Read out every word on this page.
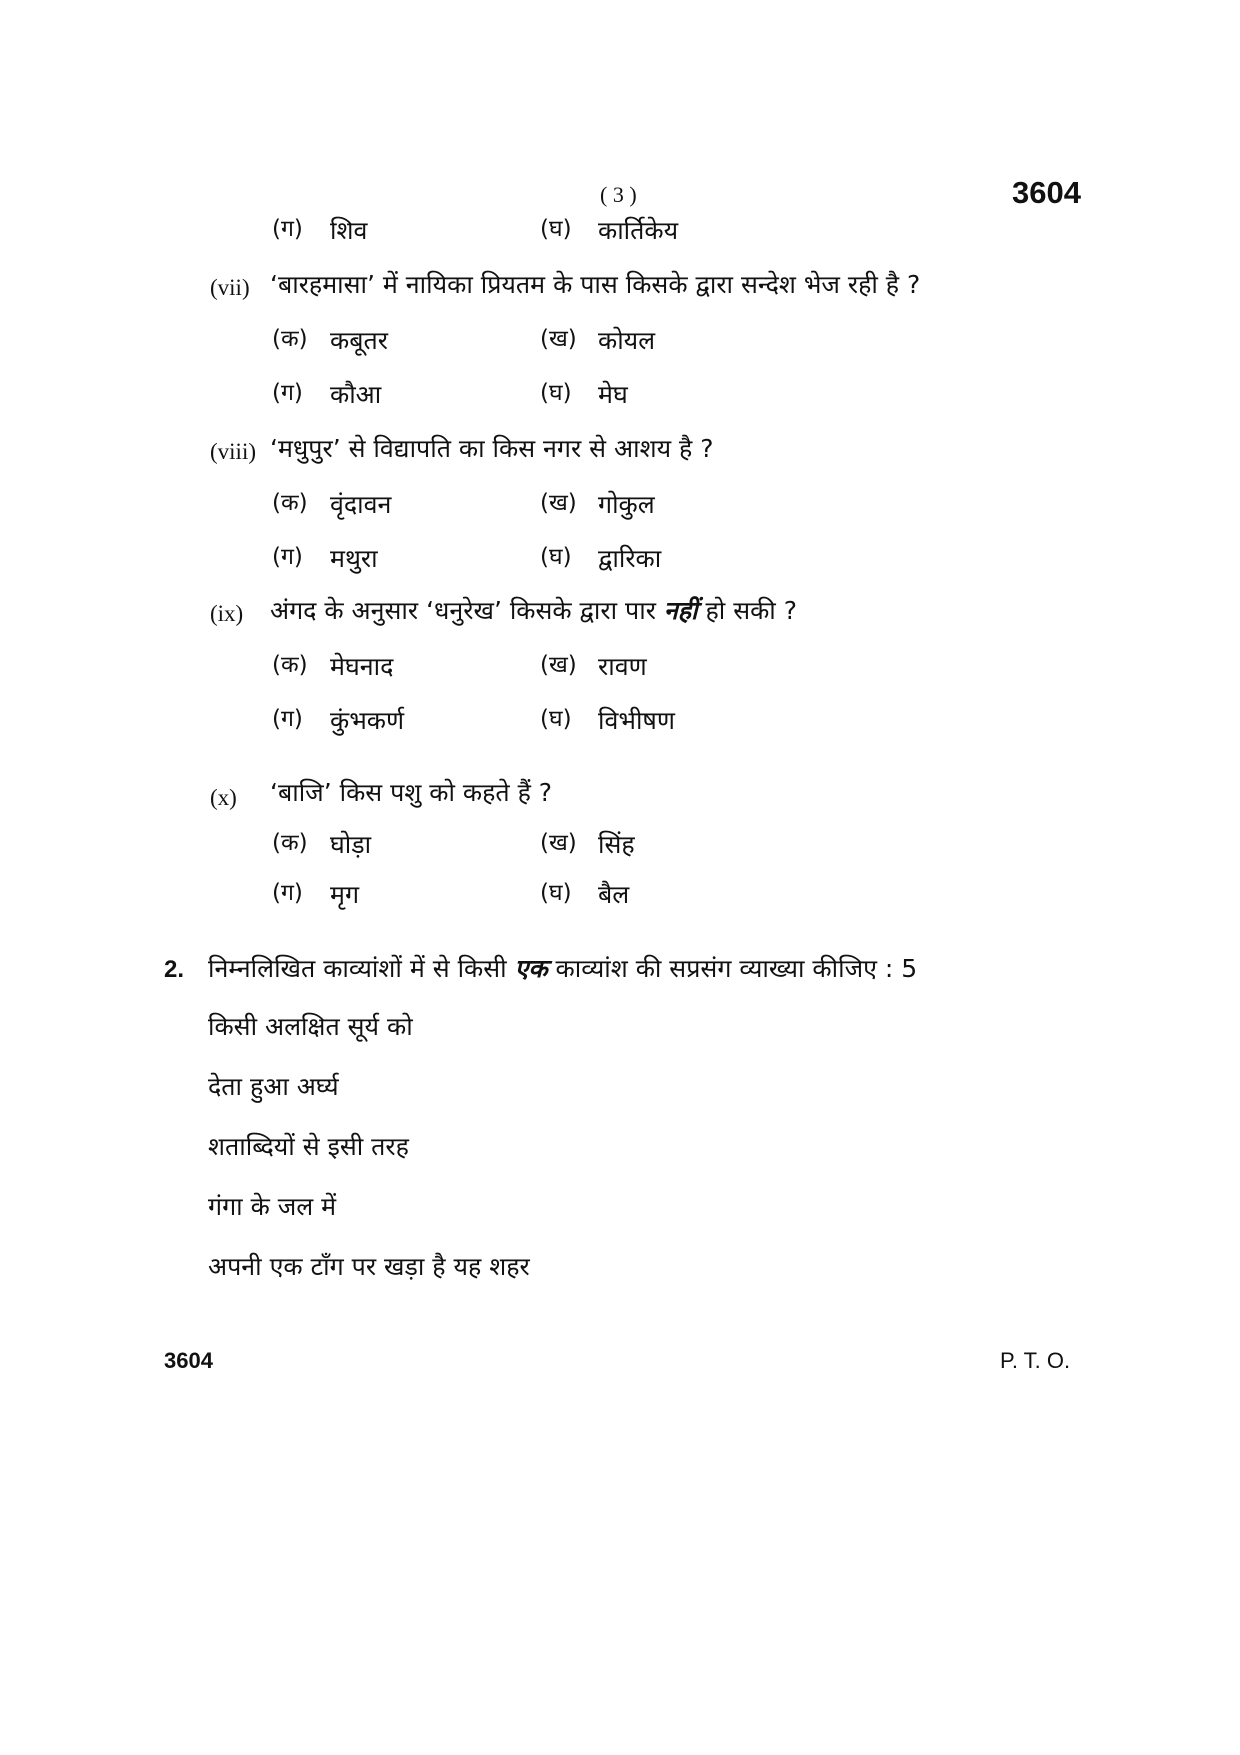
( 3 )	3604
(ग) शिव	(घ) कार्तिकेय
(vii) ‘बारहमासा’ में नायिका प्रियतम के पास किसके द्वारा सन्देश भेज रही है ?
(क) कबूतर	(ख) कोयल
(ग) कौआ	(घ) मेघ
(viii) ‘मधुपुर’ से विद्यापति का किस नगर से आशय है ?
(क) वृंदावन	(ख) गोकुल
(ग) मथुरा	(घ) द्वारिका
(ix) अंगद के अनुसार ‘धनुरेख’ किसके द्वारा पार नहीं हो सकी ?
(क) मेघनाद	(ख) रावण
(ग) कुंभकर्ण	(घ) विभीषण
(x) ‘बाजि’ किस पशु को कहते हैं ?
(क) घोड़ा	(ख) सिंह
(ग) मृग	(घ) बैल
2. निम्नलिखित काव्यांशों में से किसी एक काव्यांश की सप्रसंग व्याख्या कीजिए : 5
किसी अलक्षित सूर्य को
देता हुआ अर्घ्य
शताब्दियों से इसी तरह
गंगा के जल में
अपनी एक टाँग पर खड़ा है यह शहर
3604	P. T. O.
